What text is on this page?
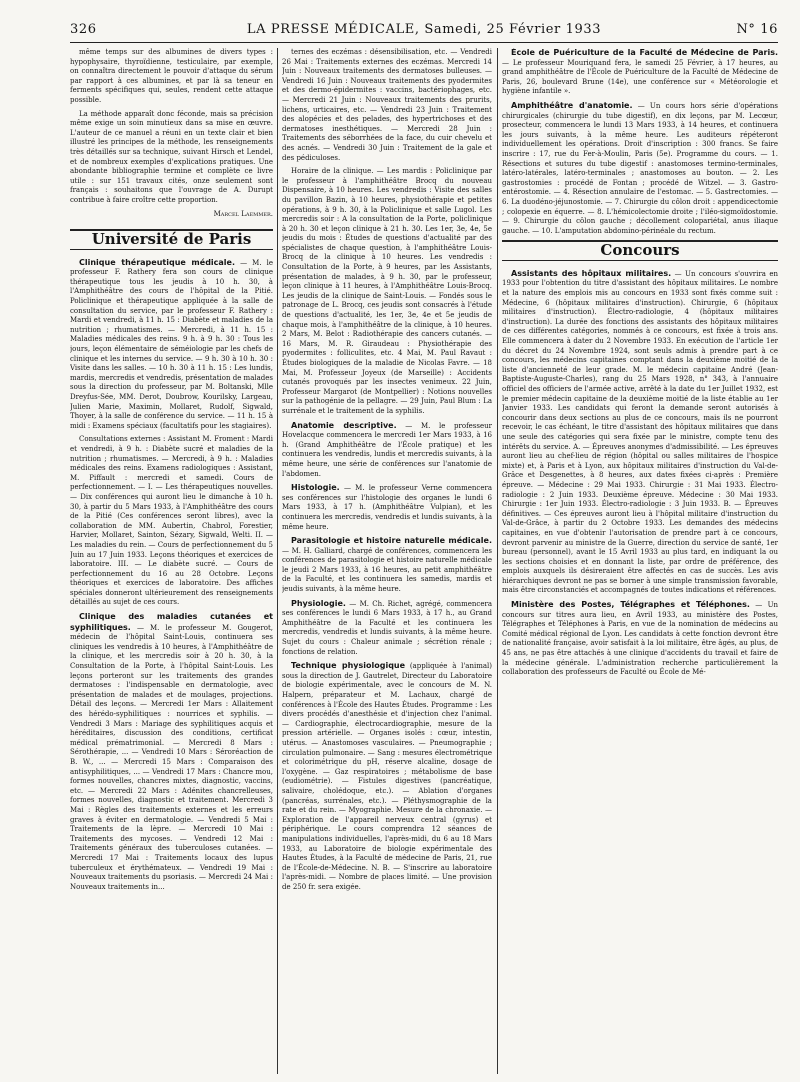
326	LA PRESSE MÉDICALE, Samedi, 25 Février 1933	N° 16

même temps sur des albumines de divers types : hypophysaire, thyroïdienne, testiculaire, par exemple, on connaîtra directement le pouvoir d'attaque du sérum par rapport à ces albumines, et par là sa teneur en ferments spécifiques qui, seules, rendent cette attaque possible.

La méthode apparaît donc féconde, mais sa précision même exige un soin minutieux dans sa mise en œuvre. L'auteur de ce manuel a réuni en un texte clair et bien illustré les principes de la méthode, les renseignements très détaillés sur sa technique, suivant Hirsch et Lendel, et de nombreux exemples d'explications pratiques. Une abondante bibliographie termine et complète ce livre utile : sur 151 travaux cités, onze seulement sont français : souhaitons que l'ouvrage de A. Durupt contribue à faire croître cette proportion.

Marcel Laemmer.
Université de Paris

Clinique thérapeutique médicale. — M. le professeur F. Rathery fera son cours de clinique thérapeutique tous les jeudis à 10 h. 30, à l'Amphithéâtre des cours de l'hôpital de la Pitié. Policlinique et thérapeutique appliquée à la salle de consultation du service, par le professeur F. Rathery : Mardi et vendredi, à 11 h. 15 : Diabète et maladies de la nutrition ; rhumatismes. — Mercredi, à 11 h. 15 : Maladies médicales des reins. 9 h. à 9 h. 30 : Tous les jours, leçon élémentaire de séméiologie par les chefs de clinique et les internes du service. — 9 h. 30 à 10 h. 30 : Visite dans les salles. — 10 h. 30 à 11 h. 15 : Les lundis, mardis, mercredis et vendredis, présentation de malades sous la direction du professeur, par M. Boltanski, Mlle Dreyfus-Sée, MM. Derot, Doubrow, Kourilsky, Largeau, Julien Marie, Maximin, Mollaret, Rudolf, Sigwald, Thoyer, à la salle de conférence du service. — 11 h. 15 à midi : Examens spéciaux (facultatifs pour les stagiaires).

Consultations externes : Assistant M. Froment : Mardi et vendredi, à 9 h. : Diabète sucré et maladies de la nutrition ; rhumatismes. — Mercredi, à 9 h. : Maladies médicales des reins. Examens radiologiques : Assistant, M. Piffault : mercredi et samedi. Cours de perfectionnement. — I. — Les thérapeutiques nouvelles. — Dix conférences qui auront lieu le dimanche à 10 h. 30, à partir du 5 Mars 1933, à l'Amphithéâtre des cours de la Pitié (Ces conférences seront libres), avec la collaboration de MM. Aubertin, Chabrol, Forestier, Harvier, Mollaret, Sainton, Sézary, Sigwald, Welti. II. — Les maladies du rein. — Cours de perfectionnement du 5 Juin au 17 Juin 1933. Leçons théoriques et exercices de laboratoire. III. — Le diabète sucré. — Cours de perfectionnement du 16 au 28 Octobre. Leçons théoriques et exercices de laboratoire. Des affiches spéciales donneront ultérieurement des renseignements détaillés au sujet de ces cours.

Clinique des maladies cutanées et syphilitiques. — M. le professeur M. Gougerot, médecin de l'hôpital Saint-Louis, continuera ses cliniques les vendredis à 10 heures, à l'Amphithéâtre de la clinique, et les mercredis soir à 20 h. 30, à la Consultation de la Porte, à l'hôpital Saint-Louis. Les leçons porteront sur les traitements des grandes dermatoses : l'indispensable en dermatologie, avec présentation de malades et de moulages, projections. Détail des leçons. — Mercredi 1er Mars : Allaitement des hérédo-syphilitiques : nourrices et syphilis. — Vendredi 3 Mars : Mariage des syphilitiques acquis et héréditaires, discussion des conditions, certificat médical prématrimonial. — Mercredi 8 Mars : Sérothérapie, ... — Vendredi 10 Mars : Séroréaction de B. W., ... — Mercredi 15 Mars : Comparaison des antisyphilitiques, ... — Vendredi 17 Mars : Chancre mou, formes nouvelles, chancres mixtes, diagnostic, vaccins, etc. — Mercredi 22 Mars : Adénites chancrelleuses, formes nouvelles, diagnostic et traitement. Mercredi 3 Mai : Règles des traitements externes et les erreurs graves à éviter en dermatologie. — Vendredi 5 Mai : Traitements de la lèpre. — Mercredi 10 Mai : Traitements des mycoses. — Vendredi 12 Mai : Traitements généraux des tuberculoses cutanées. — Mercredi 17 Mai : Traitements locaux des lupus tuberculeux et érythémateux. — Vendredi 19 Mai : Nouveaux traitements du psoriasis. — Mercredi 24 Mai : Nouveaux traitements in...

ternes des eczémas : désensibilisation, etc. — Vendredi 26 Mai : Traitements externes des eczémas. Mercredi 14 Juin : Nouveaux traitements des dermatoses bulleuses. — Vendredi 16 Juin : Nouveaux traitements des pyodermites et des dermo-épidermites : vaccins, bactériophages, etc. — Mercredi 21 Juin : Nouveaux traitements des prurits, lichens, urticaires, etc. — Vendredi 23 Juin : Traitement des alopécies et des pelades, des hypertrichoses et des dermatoses inesthétiques. — Mercredi 28 Juin : Traitements des séborrhées de la face, du cuir chevelu et des acnés. — Vendredi 30 Juin : Traitement de la gale et des pédiculoses.

Horaire de la clinique. — Les mardis : Policlinique par le professeur à l'amphithéâtre Brocq du nouveau Dispensaire, à 10 heures. Les vendredis : Visite des salles du pavillon Bazin, à 10 heures, physiothérapie et petites opérations, à 9 h. 30, à la Policlinique et salle Lugol. Les mercredis soir : A la consultation de la Porte, policlinique à 20 h. 30 et leçon clinique à 21 h. 30. Les 1er, 3e, 4e, 5e jeudis du mois : Études de questions d'actualité par des spécialistes de chaque question, à l'amphithéâtre Louis-Brocq de la clinique à 10 heures. Les vendredis : Consultation de la Porte, à 9 heures, par les Assistants, présentation de malades, à 9 h. 30, par le professeur, leçon clinique à 11 heures, à l'Amphithéâtre Louis-Brocq. Les jeudis de la clinique de Saint-Louis. — Fondés sous le patronage de L. Brocq, ces jeudis sont consacrés à l'étude de questions d'actualité, les 1er, 3e, 4e et 5e jeudis de chaque mois, à l'amphithéâtre de la clinique, à 10 heures. 2 Mars, M. Belot : Radiothérapie des cancers cutanés. — 16 Mars, M. R. Giraudeau : Physiothérapie des pyodermites : folliculites, etc. 4 Mai, M. Paul Ravaut : Études biologiques de la maladie de Nicolas Favre. — 18 Mai, M. Professeur Joyeux (de Marseille) : Accidents cutanés provoqués par les insectes venimeux. 22 Juin, Professeur Margarot (de Montpellier) : Notions nouvelles sur la pathogénie de la pellagre. — 29 Juin, Paul Blum : La surrénale et le traitement de la syphilis.

Anatomie descriptive. — M. le professeur Hovelacque commencera le mercredi 1er Mars 1933, à 16 h. (Grand Amphithéâtre de l'École pratique) et les continuera les vendredis, lundis et mercredis suivants, à la même heure, une série de conférences sur l'anatomie de l'abdomen.

Histologie. — M. le professeur Verne commencera ses conférences sur l'histologie des organes le lundi 6 Mars 1933, à 17 h. (Amphithéâtre Vulpian), et les continuera les mercredis, vendredis et lundis suivants, à la même heure.

Parasitologie et histoire naturelle médicale. — M. H. Galliard, chargé de conférences, commencera les conférences de parasitologie et histoire naturelle médicale le jeudi 2 Mars 1933, à 16 heures, au petit amphithéâtre de la Faculté, et les continuera les samedis, mardis et jeudis suivants, à la même heure.

Physiologie. — M. Ch. Richet, agrégé, commencera ses conférences le lundi 6 Mars 1933, à 17 h., au Grand Amphithéâtre de la Faculté et les continuera les mercredis, vendredis et lundis suivants, à la même heure. Sujet du cours : Chaleur animale ; sécrétion rénale ; fonctions de relation.

Technique physiologique (appliquée à l'animal) sous la direction de J. Gautrelet, Directeur du Laboratoire de biologie expérimentale, avec le concours de M. N. Halpern, préparateur et M. Lachaux, chargé de conférences à l'École des Hautes Études. Programme : Les divers procédés d'anesthésie et d'injection chez l'animal. — Cardiographie, électrocardiographie, mesure de la pression artérielle. — Organes isolés : cœur, intestin, utérus. — Anastomoses vasculaires. — Pneumographie ; circulation pulmonaire. — Sang : mesures électrométrique et colorimétrique du pH, réserve alcaline, dosage de l'oxygène. — Gaz respiratoires ; métabolisme de base (eudiométrie). — Fistules digestives (pancréatique, salivaire, cholédoque, etc.). — Ablation d'organes (pancréas, surrénales, etc.). — Pléthysmographie de la rate et du rein. — Myographie. Mesure de la chronaxie. — Exploration de l'appareil nerveux central (gyrus) et périphérique. Le cours comprendra 12 séances de manipulations individuelles, l'après-midi, du 6 au 18 Mars 1933, au Laboratoire de biologie expérimentale des Hautes Études, à la Faculté de médecine de Paris, 21, rue de l'École-de-Médecine. N. B. — S'inscrire au laboratoire l'après-midi. — Nombre de places limité. — Une provision de 250 fr. sera exigée.

École de Puériculture de la Faculté de Médecine de Paris. — Le professeur Mouriquand fera, le samedi 25 Février, à 17 heures, au grand amphithéâtre de l'École de Puériculture de la Faculté de Médecine de Paris, 26, boulevard Brune (14e), une conférence sur « Météorologie et hygiène infantile ».

Amphithéâtre d'anatomie. — Un cours hors série d'opérations chirurgicales (chirurgie du tube digestif), en dix leçons, par M. Lecœur, prosecteur, commencera le lundi 13 Mars 1933, à 14 heures, et continuera les jours suivants, à la même heure. Les auditeurs répéteront individuellement les opérations. Droit d'inscription : 300 francs. Se faire inscrire : 17, rue du Fer-à-Moulin, Paris (5e). Programme du cours. — 1. Résections et sutures du tube digestif : anastomoses termino-terminales, latéro-latérales, latéro-terminales ; anastomoses au bouton. — 2. Les gastrostomies : procédé de Fontan ; procédé de Witzel. — 3. Gastro-entérostomie. — 4. Résection annulaire de l'estomac. — 5. Gastrectomies. — 6. La duodéno-jéjunostomie. — 7. Chirurgie du côlon droit : appendicectomie ; colopexie en équerre. — 8. L'hémicolectomie droite ; l'iléo-sigmoïdostomie. — 9. Chirurgie du côlon gauche ; décollement colopariétal, anus iliaque gauche. — 10. L'amputation abdomino-périnéale du rectum.

Concours

Assistants des hôpitaux militaires. — Un concours s'ouvrira en 1933 pour l'obtention du titre d'assistant des hôpitaux militaires. Le nombre et la nature des emplois mis au concours en 1933 sont fixés comme suit : Médecine, 6 (hôpitaux militaires d'instruction). Chirurgie, 6 (hôpitaux militaires d'instruction). Électro-radiologie, 4 (hôpitaux militaires d'instruction). La durée des fonctions des assistants des hôpitaux militaires de ces différentes catégories, nommés à ce concours, est fixée à trois ans. Elle commencera à dater du 2 Novembre 1933. En exécution de l'article 1er du décret du 24 Novembre 1924, sont seuls admis à prendre part à ce concours, les médecins capitaines comptant dans la deuxième moitié de la liste d'ancienneté de leur grade. M. le médecin capitaine André (Jean-Baptiste-Auguste-Charles), rang du 25 Mars 1928, n° 343, à l'annuaire officiel des officiers de l'armée active, arrêté à la date du 1er Juillet 1932, est le premier médecin capitaine de la deuxième moitié de la liste établie au 1er Janvier 1933. Les candidats qui feront la demande seront autorisés à concourir dans deux sections au plus de ce concours, mais ils ne pourront recevoir, le cas échéant, le titre d'assistant des hôpitaux militaires que dans une seule des catégories qui sera fixée par le ministre, compte tenu des intérêts du service. A. — Épreuves anonymes d'admissibilité. — Les épreuves auront lieu au chef-lieu de région (hôpital ou salles militaires de l'hospice mixte) et, à Paris et à Lyon, aux hôpitaux militaires d'instruction du Val-de-Grâce et Desgenettes, à 8 heures, aux dates fixées ci-après : Première épreuve. — Médecine : 29 Mai 1933. Chirurgie : 31 Mai 1933. Électro-radiologie : 2 Juin 1933. Deuxième épreuve. Médecine : 30 Mai 1933. Chirurgie : 1er Juin 1933. Électro-radiologie : 3 Juin 1933. B. — Épreuves définitives. — Ces épreuves auront lieu à l'hôpital militaire d'instruction du Val-de-Grâce, à partir du 2 Octobre 1933. Les demandes des médecins capitaines, en vue d'obtenir l'autorisation de prendre part à ce concours, devront parvenir au ministre de la Guerre, direction du service de santé, 1er bureau (personnel), avant le 15 Avril 1933 au plus tard, en indiquant la ou les sections choisies et en donnant la liste, par ordre de préférence, des emplois auxquels ils désireraient être affectés en cas de succès. Les avis hiérarchiques devront ne pas se borner à une simple transmission favorable, mais être circonstanciés et accompagnés de toutes indications et références.

Ministère des Postes, Télégraphes et Téléphones. — Un concours sur titres aura lieu, en Avril 1933, au ministère des Postes, Télégraphes et Téléphones à Paris, en vue de la nomination de médecins au Comité médical régional de Lyon. Les candidats à cette fonction devront être de nationalité française, avoir satisfait à la loi militaire, être âgés, au plus, de 45 ans, ne pas être attachés à une clinique d'accidents du travail et faire de la médecine générale. L'administration recherche particulièrement la collaboration des professeurs de Faculté ou École de Mé-
